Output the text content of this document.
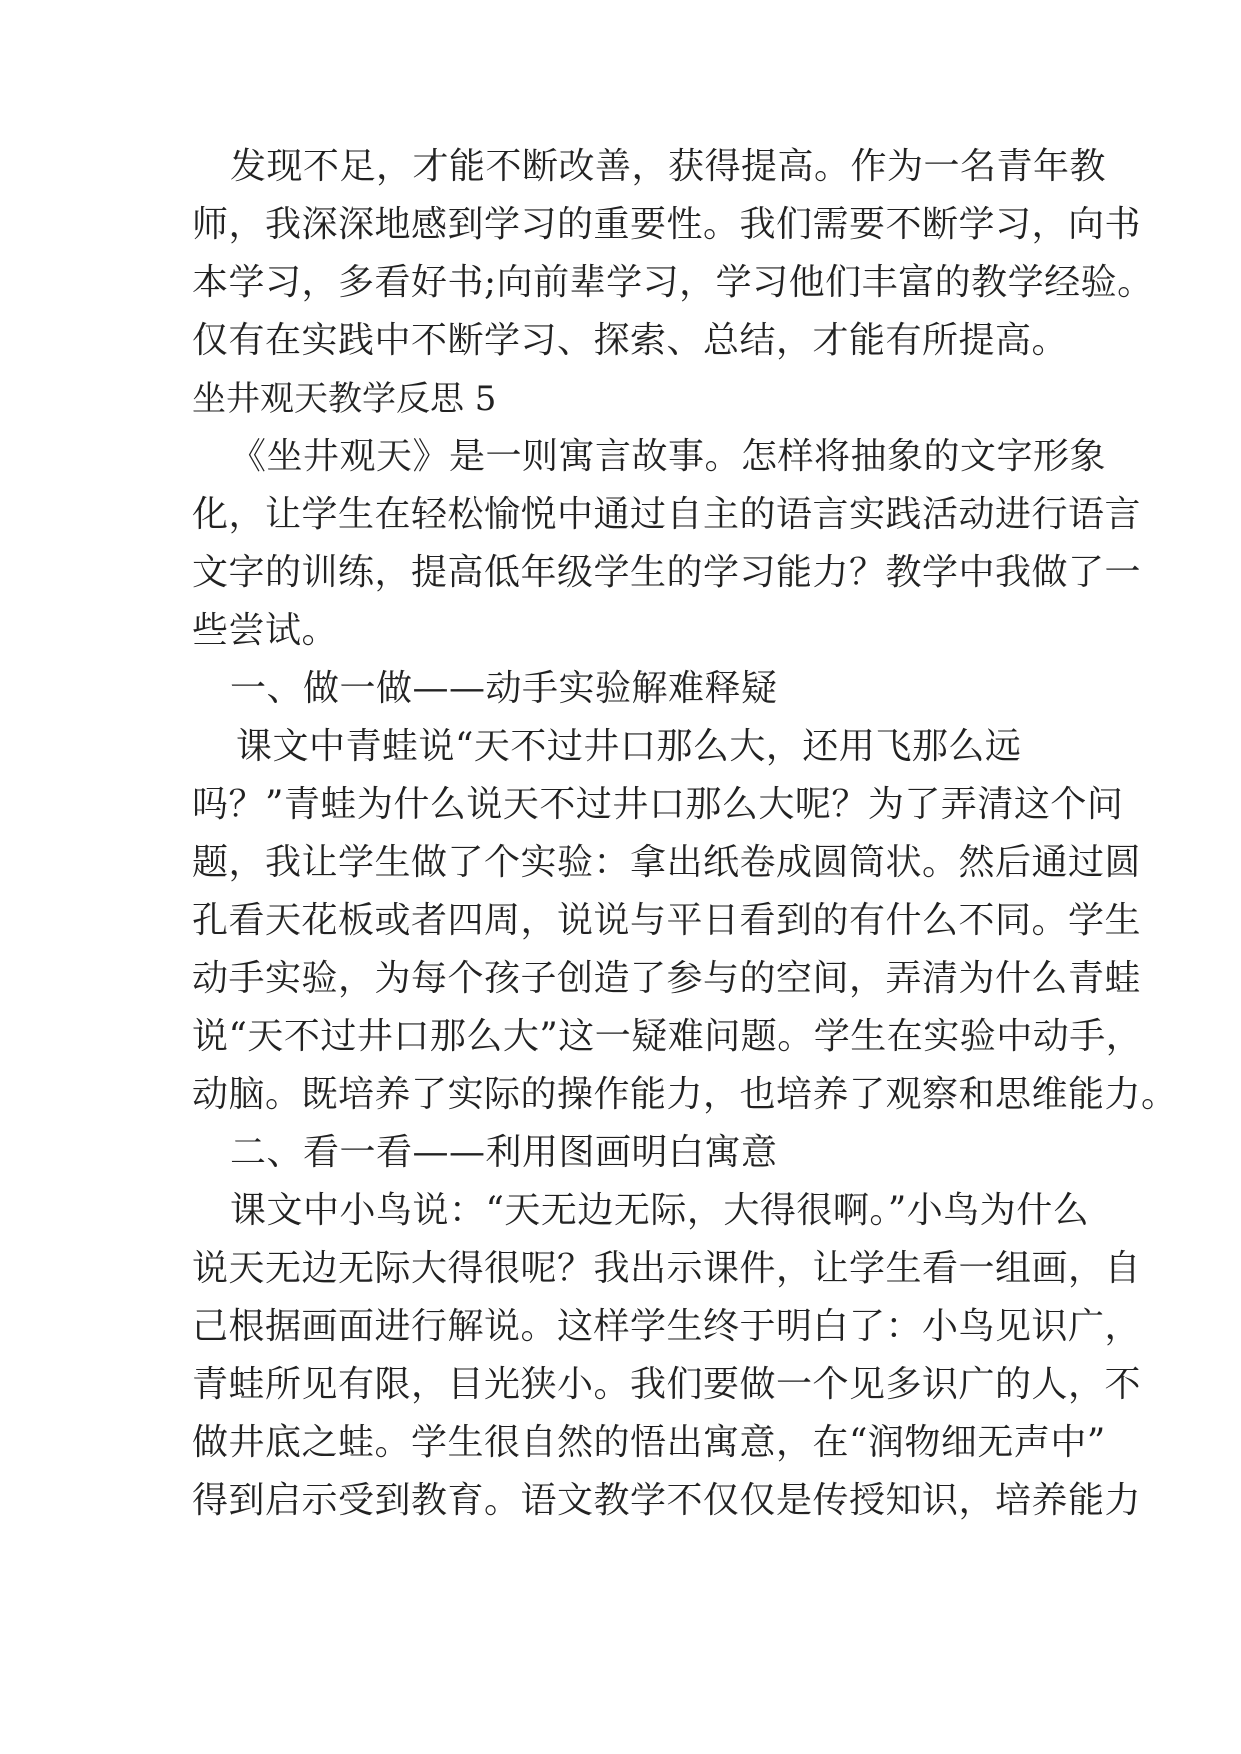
发现不足，才能不断改善，获得提高。作为一名青年教

师，我深深地感到学习的重要性。我们需要不断学习，向书

本学习，多看好书;向前辈学习，学习他们丰富的教学经验。

仅有在实践中不断学习、探索、总结，才能有所提高。

坐井观天教学反思 5

《坐井观天》是一则寓言故事。怎样将抽象的文字形象

化，让学生在轻松愉悦中通过自主的语言实践活动进行语言

文字的训练，提高低年级学生的学习能力？教学中我做了一

些尝试。

一、做一做——动手实验解难释疑

课文中青蛙说“天不过井口那么大，还用飞那么远

吗？”青蛙为什么说天不过井口那么大呢？为了弄清这个问

题，我让学生做了个实验：拿出纸卷成圆筒状。然后通过圆

孔看天花板或者四周，说说与平日看到的有什么不同。学生

动手实验，为每个孩子创造了参与的空间，弄清为什么青蛙

说“天不过井口那么大”这一疑难问题。学生在实验中动手，

动脑。既培养了实际的操作能力，也培养了观察和思维能力。

二、看一看——利用图画明白寓意

课文中小鸟说：“天无边无际，大得很啊。”小鸟为什么

说天无边无际大得很呢？我出示课件，让学生看一组画，自

己根据画面进行解说。这样学生终于明白了：小鸟见识广，

青蛙所见有限，目光狭小。我们要做一个见多识广的人，不

做井底之蛙。学生很自然的悟出寓意，在“润物细无声中”

得到启示受到教育。语文教学不仅仅是传授知识，培养能力
